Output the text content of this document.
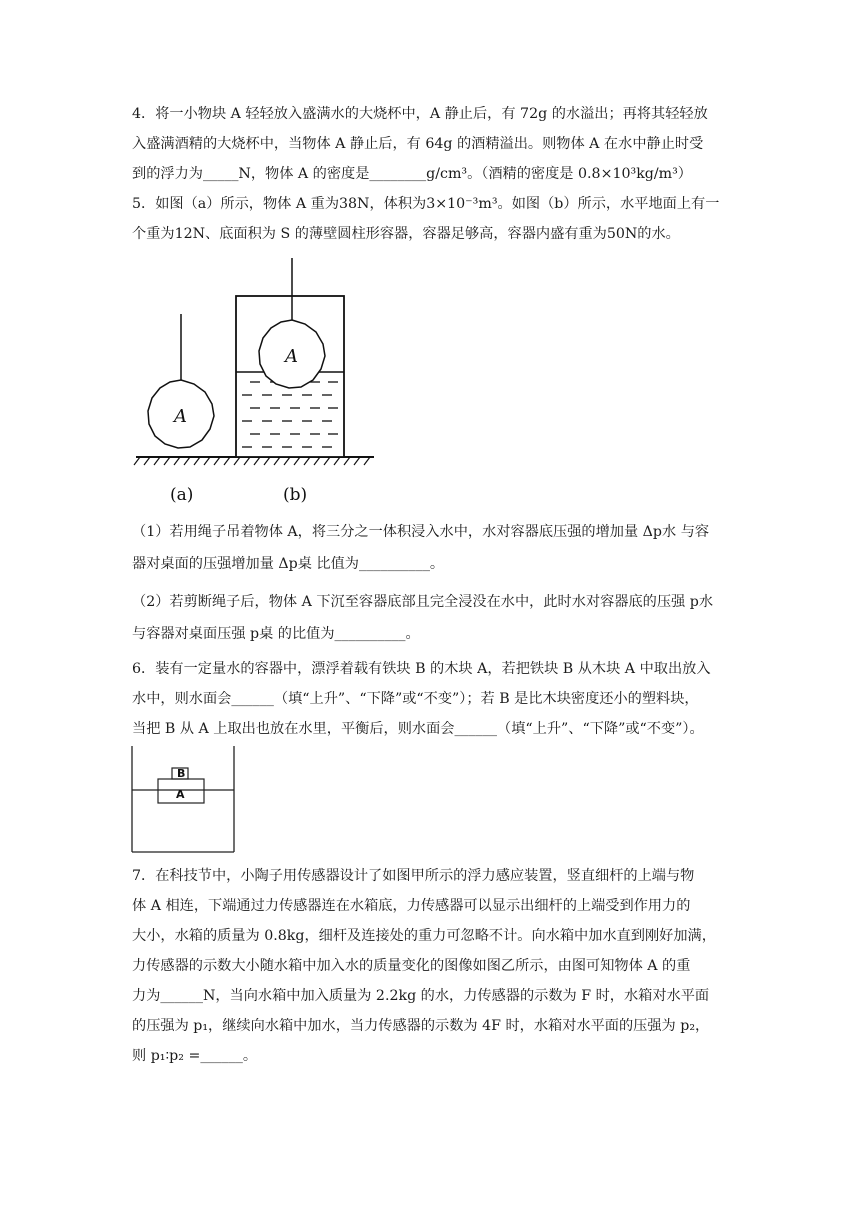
4．将一小物块 A 轻轻放入盛满水的大烧杯中，A 静止后，有 72g 的水溢出；再将其轻轻放
入盛满酒精的大烧杯中，当物体 A 静止后，有 64g 的酒精溢出。则物体 A 在水中静止时受
到的浮力为_____N，物体 A 的密度是________g/cm³。（酒精的密度是 0.8×10³kg/m³）
5．如图（a）所示，物体 A 重为38N，体积为3×10⁻³m³。如图（b）所示，水平地面上有一
个重为12N、底面积为 S 的薄壁圆柱形容器，容器足够高，容器内盛有重为50N的水。
A
A
(a)	(b)
（1）若用绳子吊着物体 A，将三分之一体积浸入水中，水对容器底压强的增加量 Δp水 与容
器对桌面的压强增加量 Δp桌 比值为__________。
（2）若剪断绳子后，物体 A 下沉至容器底部且完全浸没在水中，此时水对容器底的压强 p水
与容器对桌面压强 p桌 的比值为__________。
6．装有一定量水的容器中，漂浮着载有铁块 B 的木块 A，若把铁块 B 从木块 A 中取出放入
水中，则水面会______（填“上升”、“下降”或“不变”）；若 B 是比木块密度还小的塑料块，
当把 B 从 A 上取出也放在水里，平衡后，则水面会______（填“上升”、“下降”或“不变”）。
B
A
7．在科技节中，小陶子用传感器设计了如图甲所示的浮力感应装置，竖直细杆的上端与物
体 A 相连，下端通过力传感器连在水箱底，力传感器可以显示出细杆的上端受到作用力的
大小，水箱的质量为 0.8kg，细杆及连接处的重力可忽略不计。向水箱中加水直到刚好加满，
力传感器的示数大小随水箱中加入水的质量变化的图像如图乙所示，由图可知物体 A 的重
力为______N，当向水箱中加入质量为 2.2kg 的水，力传感器的示数为 F 时，水箱对水平面
的压强为 p₁，继续向水箱中加水，当力传感器的示数为 4F 时，水箱对水平面的压强为 p₂，
则 p₁∶p₂ =______。
